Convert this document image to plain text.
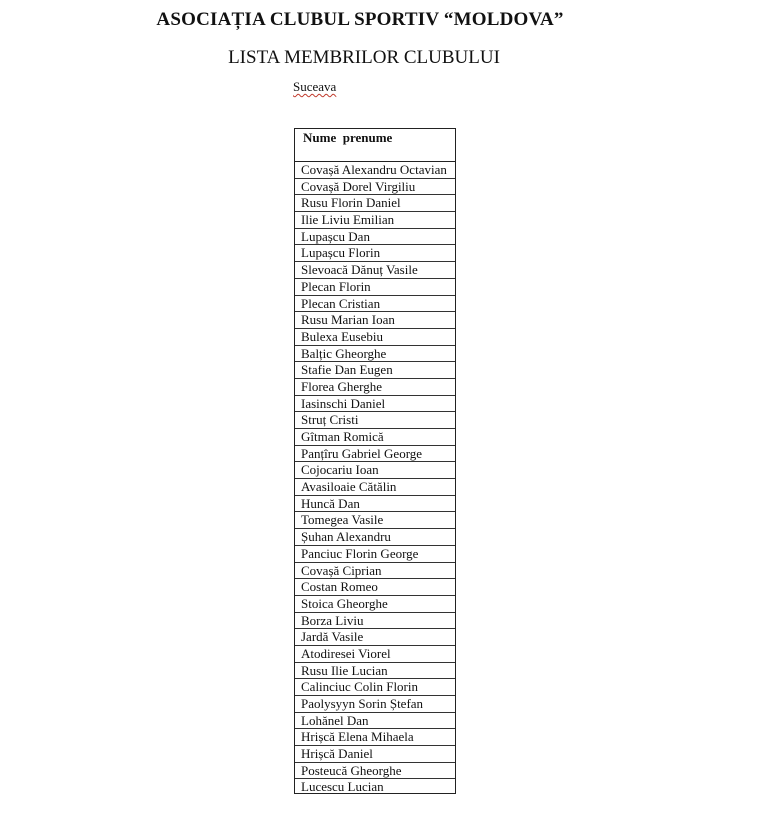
ASOCIAȚIA CLUBUL SPORTIV “MOLDOVA”
LISTA MEMBRILOR CLUBULUI
Suceava
Nume  prenume
Covașă Alexandru Octavian
Covașă Dorel Virgiliu
Rusu Florin Daniel
Ilie Liviu Emilian
Lupașcu Dan
Lupașcu Florin
Slevoacă Dănuț Vasile
Plecan Florin
Plecan Cristian
Rusu Marian Ioan
Bulexa Eusebiu
Balțic Gheorghe
Stafie Dan Eugen
Florea Gherghe
Iasinschi Daniel
Struț Cristi
Gîtman Romică
Panțîru Gabriel George
Cojocariu Ioan
Avasiloaie Cătălin
Huncă Dan
Tomegea Vasile
Șuhan Alexandru
Panciuc Florin George
Covașă Ciprian
Costan Romeo
Stoica Gheorghe
Borza Liviu
Jardă Vasile
Atodiresei Viorel
Rusu Ilie Lucian
Calinciuc Colin Florin
Paolysyyn Sorin Ștefan
Lohănel Dan
Hrișcă Elena Mihaela
Hrișcă Daniel
Posteucă Gheorghe
Lucescu Lucian
